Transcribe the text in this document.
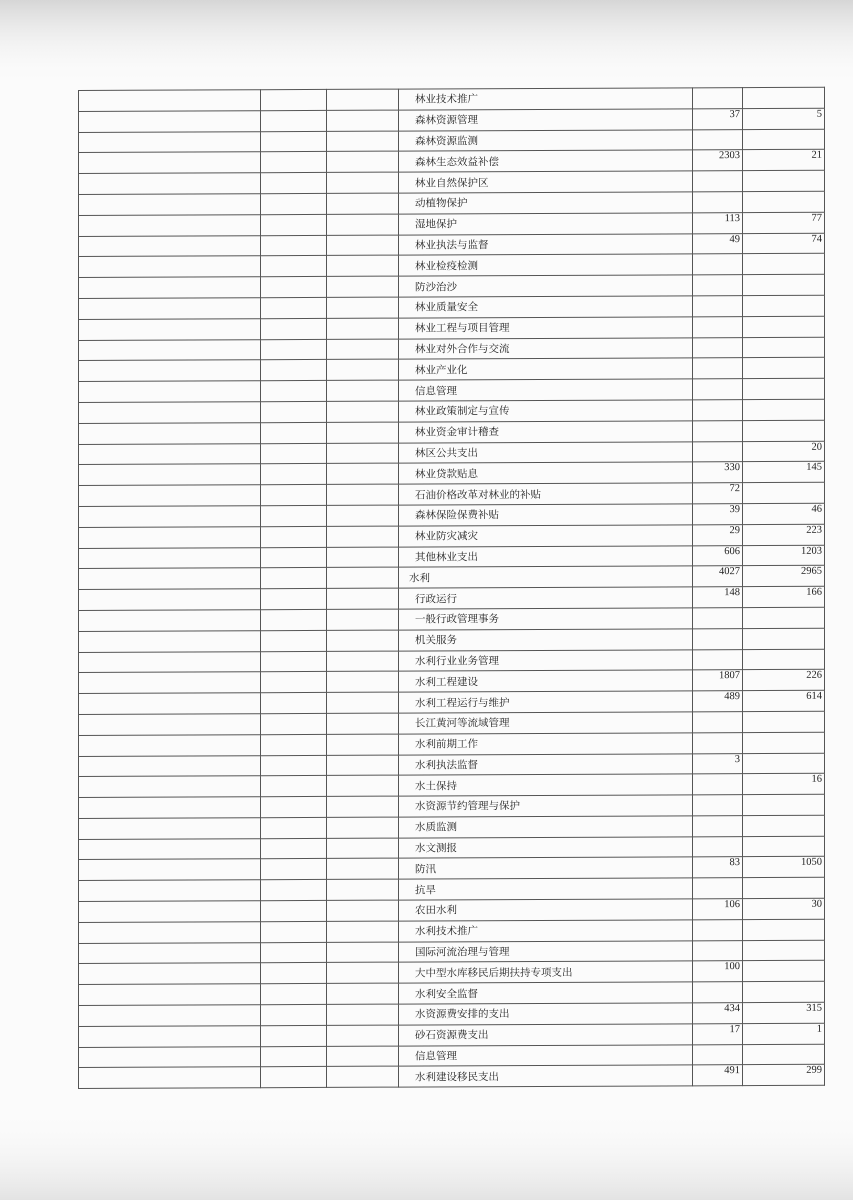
			林业技术推广		
			森林资源管理	37	5
			森林资源监测		
			森林生态效益补偿	2303	21
			林业自然保护区		
			动植物保护		
			湿地保护	113	77
			林业执法与监督	49	74
			林业检疫检测		
			防沙治沙		
			林业质量安全		
			林业工程与项目管理		
			林业对外合作与交流		
			林业产业化		
			信息管理		
			林业政策制定与宣传		
			林业资金审计稽查		
			林区公共支出		20
			林业贷款贴息	330	145
			石油价格改革对林业的补贴	72	
			森林保险保费补贴	39	46
			林业防灾减灾	29	223
			其他林业支出	606	1203
			水利	4027	2965
			行政运行	148	166
			一般行政管理事务		
			机关服务		
			水利行业业务管理		
			水利工程建设	1807	226
			水利工程运行与维护	489	614
			长江黄河等流域管理		
			水利前期工作		
			水利执法监督	3	
			水土保持		16
			水资源节约管理与保护		
			水质监测		
			水文测报		
			防汛	83	1050
			抗旱		
			农田水利	106	30
			水利技术推广		
			国际河流治理与管理		
			大中型水库移民后期扶持专项支出	100	
			水利安全监督		
			水资源费安排的支出	434	315
			砂石资源费支出	17	1
			信息管理		
			水利建设移民支出	491	299
